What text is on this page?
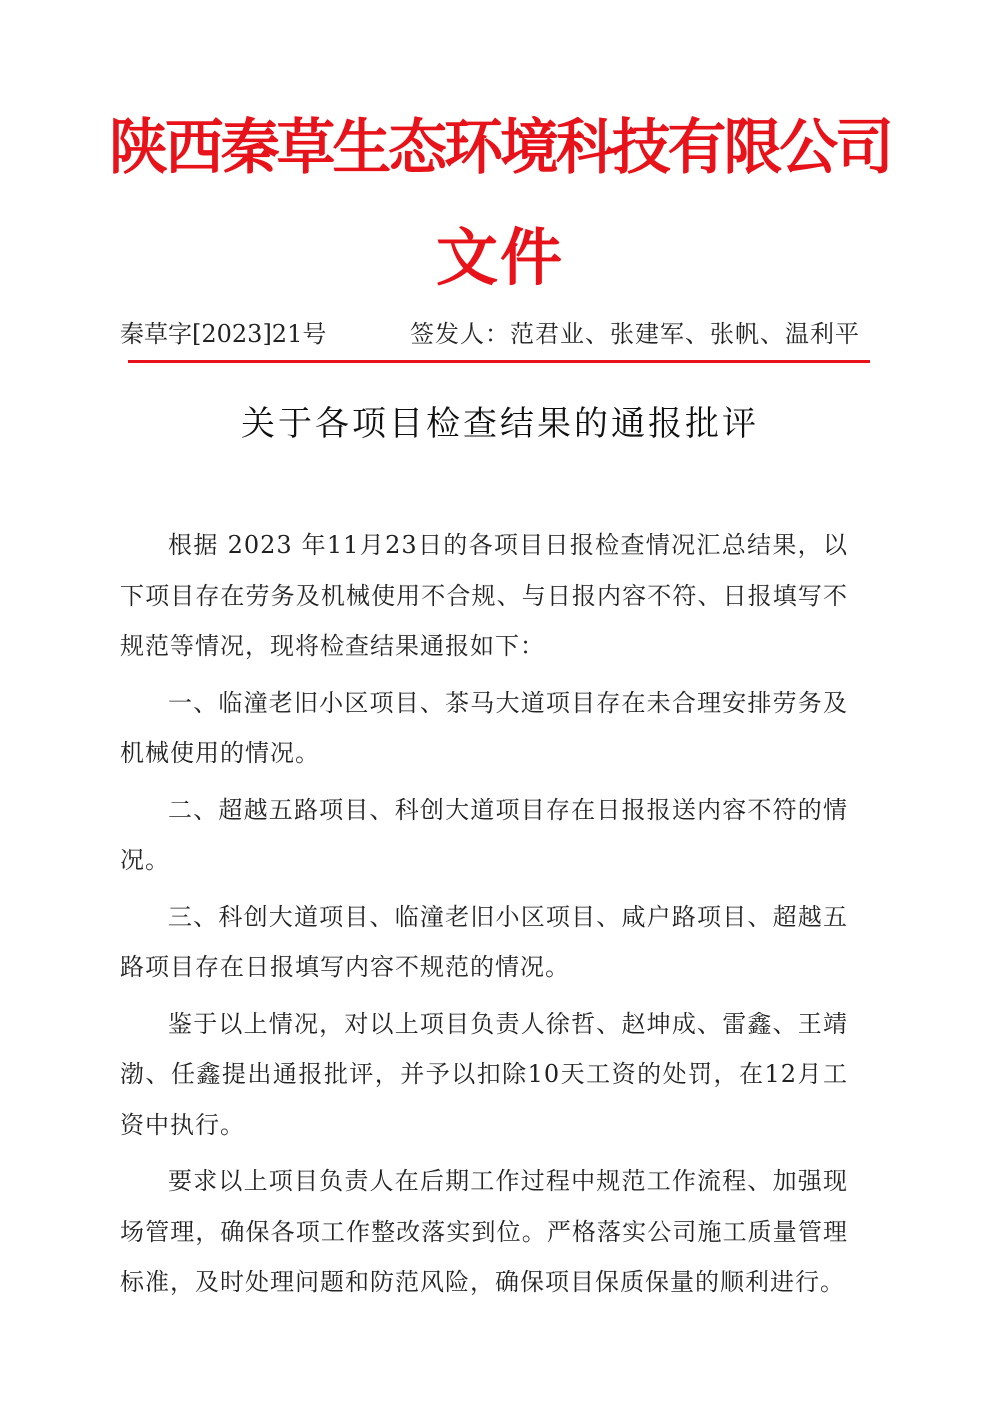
陕西秦草生态环境科技有限公司
文件
秦草字[2023]21号	签发人：范君业、张建军、张帆、温利平
关于各项目检查结果的通报批评

根据 2023 年11月23日的各项目日报检查情况汇总结果，以下项目存在劳务及机械使用不合规、与日报内容不符、日报填写不规范等情况，现将检查结果通报如下：

一、临潼老旧小区项目、茶马大道项目存在未合理安排劳务及机械使用的情况。

二、超越五路项目、科创大道项目存在日报报送内容不符的情况。

三、科创大道项目、临潼老旧小区项目、咸户路项目、超越五路项目存在日报填写内容不规范的情况。

鉴于以上情况，对以上项目负责人徐哲、赵坤成、雷鑫、王靖渤、任鑫提出通报批评，并予以扣除10天工资的处罚，在12月工资中执行。

要求以上项目负责人在后期工作过程中规范工作流程、加强现场管理，确保各项工作整改落实到位。严格落实公司施工质量管理标准，及时处理问题和防范风险，确保项目保质保量的顺利进行。
